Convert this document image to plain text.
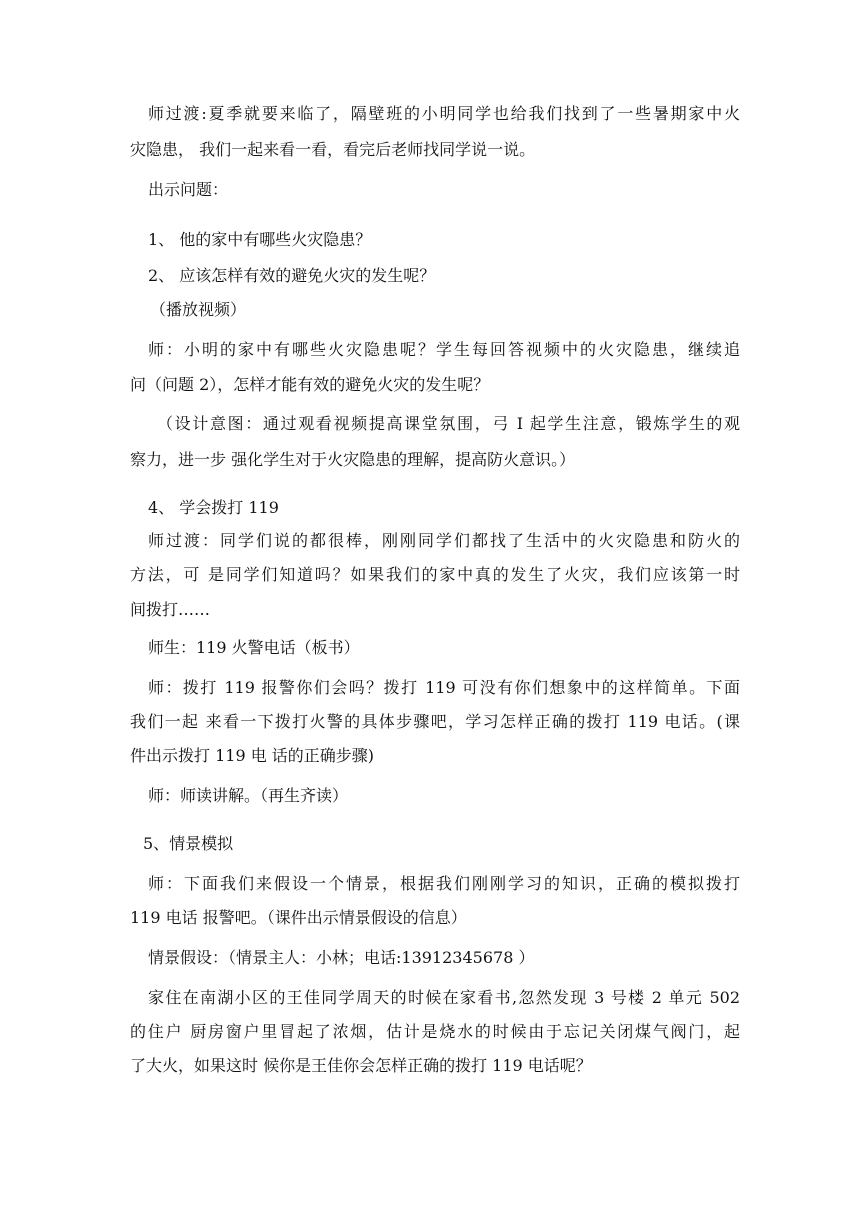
师过渡:夏季就要来临了，隔壁班的小明同学也给我们找到了一些暑期家中火
灾隐患， 我们一起来看一看，看完后老师找同学说一说。
出示问题：
1、 他的家中有哪些火灾隐患？
2、 应该怎样有效的避免火灾的发生呢？
（播放视频）
师：小明的家中有哪些火灾隐患呢？学生每回答视频中的火灾隐患，继续追
问（问题 2），怎样才能有效的避免火灾的发生呢？
（设计意图：通过观看视频提高课堂氛围，弓 I 起学生注意，锻炼学生的观
察力，进一步 强化学生对于火灾隐患的理解，提高防火意识。）
4、 学会拨打 119
师过渡：同学们说的都很棒，刚刚同学们都找了生活中的火灾隐患和防火的
方法，可 是同学们知道吗？如果我们的家中真的发生了火灾，我们应该第一时
间拨打……
师生：119 火警电话（板书）
师：拨打 119 报警你们会吗？拨打 119 可没有你们想象中的这样简单。下面
我们一起 来看一下拨打火警的具体步骤吧，学习怎样正确的拨打 119 电话。(课
件出示拨打 119 电 话的正确步骤)
师：师读讲解。（再生齐读）
5、情景模拟
师：下面我们来假设一个情景，根据我们刚刚学习的知识，正确的模拟拨打
119 电话 报警吧。（课件出示情景假设的信息）
情景假设：（情景主人：小林；电话:13912345678 ）
家住在南湖小区的王佳同学周天的时候在家看书,忽然发现 3 号楼 2 单元 502
的住户 厨房窗户里冒起了浓烟，估计是烧水的时候由于忘记关闭煤气阀门，起
了大火，如果这时 候你是王佳你会怎样正确的拨打 119 电话呢？
